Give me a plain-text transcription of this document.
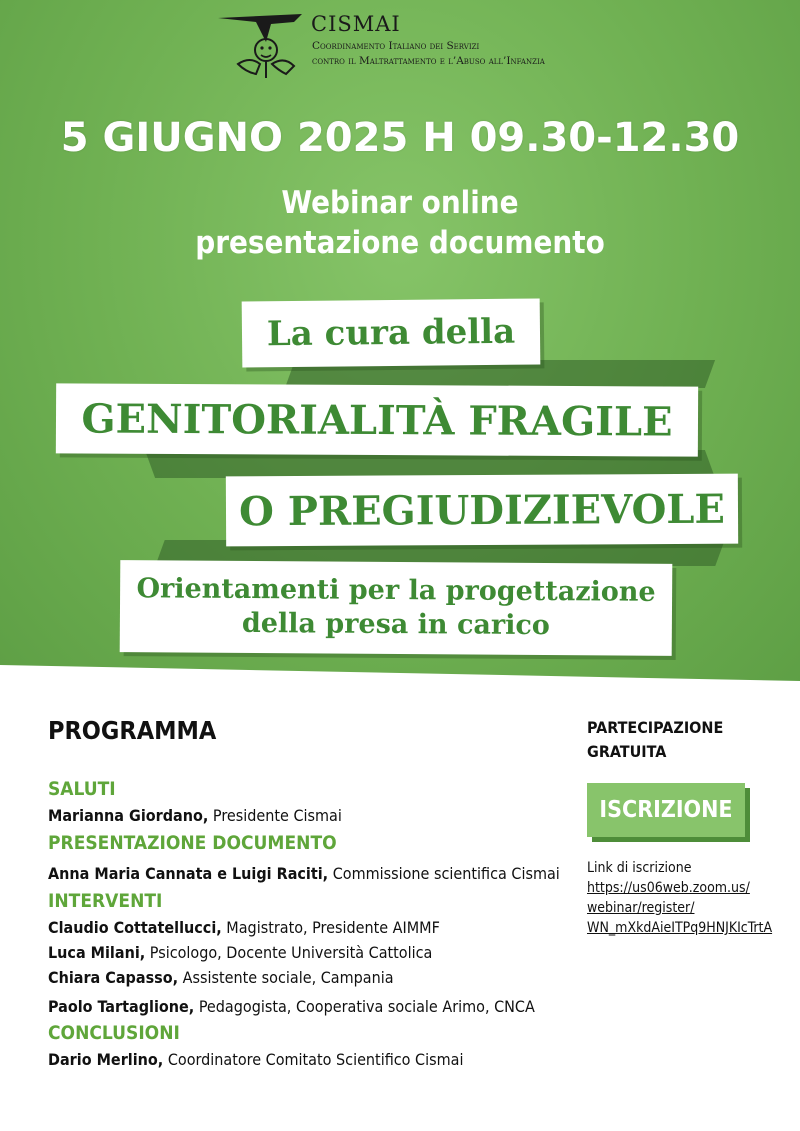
CISMAI
Coordinamento Italiano dei Servizi
contro il Maltrattamento e l’Abuso all’Infanzia
5 GIUGNO 2025 H 09.30-12.30
Webinar online
presentazione documento
La cura della
GENITORIALITÀ FRAGILE
O PREGIUDIZIEVOLE
Orientamenti per la progettazione
della presa in carico
PROGRAMMA
SALUTI
Marianna Giordano, Presidente Cismai
PRESENTAZIONE DOCUMENTO
Anna Maria Cannata e Luigi Raciti, Commissione scientifica Cismai
INTERVENTI
Claudio Cottatellucci, Magistrato, Presidente AIMMF
Luca Milani, Psicologo, Docente Università Cattolica
Chiara Capasso, Assistente sociale, Campania
Paolo Tartaglione, Pedagogista, Cooperativa sociale Arimo, CNCA
CONCLUSIONI
Dario Merlino, Coordinatore Comitato Scientifico Cismai
PARTECIPAZIONE
GRATUITA
ISCRIZIONE
Link di iscrizione
https://us06web.zoom.us/
webinar/register/
WN_mXkdAieITPq9HNJKIcTrtA
